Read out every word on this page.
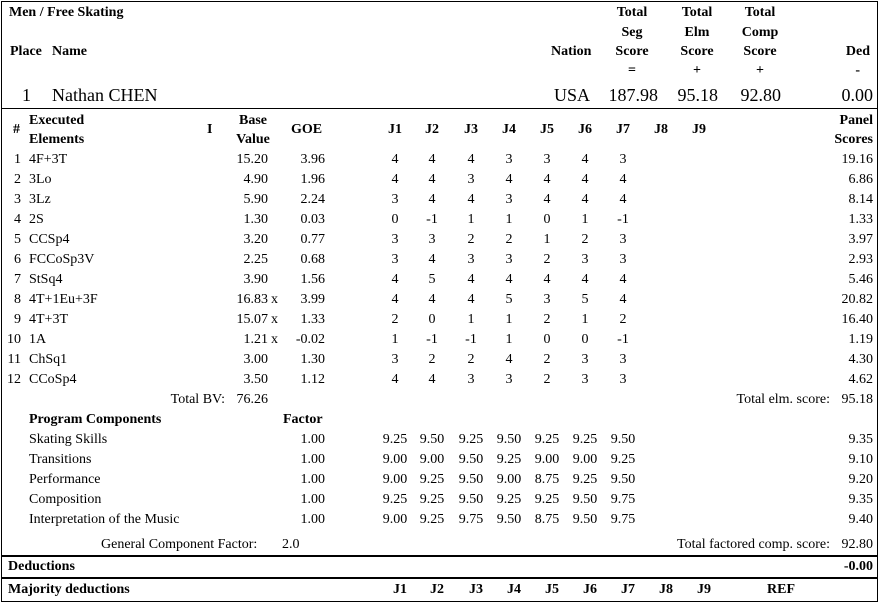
Men / Free Skating
Place Name	Nation
Total
Seg
Score
=
Total
Elm
Score
+
Total
Comp
Score
+
Ded
-
1 Nathan CHEN	USA	187.98	95.18	92.80	0.00
#
Executed
Elements
I
Base
Value
GOE	J1	J2	J3	J4	J5	J6	J7	J8	J9
Panel
Scores
1 4F+3T	15.20	3.96	4	4	4	3	3	4	3	19.16
2 3Lo	4.90	1.96	4	4	3	4	4	4	4	6.86
3 3Lz	5.90	2.24	3	4	4	3	4	4	4	8.14
4 2S	1.30	0.03	0	-1	1	1	0	1	-1	1.33
5 CCSp4	3.20	0.77	3	3	2	2	1	2	3	3.97
6 FCCoSp3V	2.25	0.68	3	4	3	3	2	3	3	2.93
7 StSq4	3.90	1.56	4	5	4	4	4	4	4	5.46
8 4T+1Eu+3F	16.83 x	3.99	4	4	4	5	3	5	4	20.82
9 4T+3T	15.07 x	1.33	2	0	1	1	2	1	2	16.40
10 1A	1.21 x	-0.02	1	-1	-1	1	0	0	-1	1.19
11 ChSq1	3.00	1.30	3	2	2	4	2	3	3	4.30
12 CCoSp4	3.50	1.12	4	4	3	3	2	3	3	4.62
Total BV: 76.26	Total elm. score: 95.18
Program Components	Factor
Skating Skills	1.00	9.25 9.50	9.25 9.50 9.25 9.25 9.50	9.35
Transitions	1.00	9.00 9.00	9.50 9.25 9.00 9.00 9.25	9.10
Performance	1.00	9.00 9.25	9.50 9.00 8.75 9.25 9.50	9.20
Composition	1.00	9.25 9.25	9.50 9.25 9.25 9.50 9.75	9.35
Interpretation of the Music	1.00	9.00 9.25	9.75 9.50 8.75 9.50 9.75	9.40
General Component Factor: 2.0	Total factored comp. score: 92.80
Deductions	-0.00
Majority deductions	J1	J2	J3	J4	J5	J6	J7	J8	J9	REF
